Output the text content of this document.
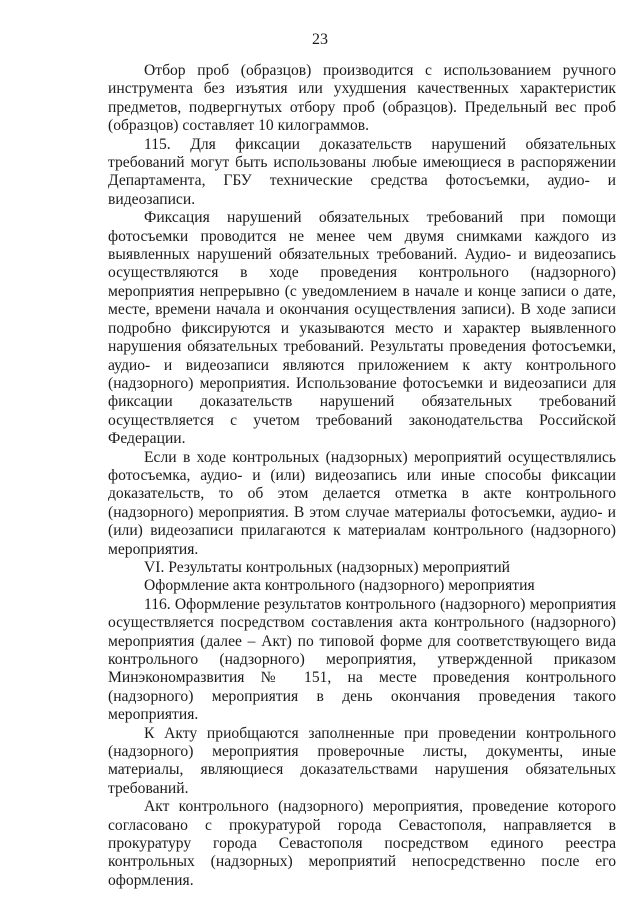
23

Отбор проб (образцов) производится с использованием ручного инструмента без изъятия или ухудшения качественных характеристик предметов, подвергнутых отбору проб (образцов). Предельный вес проб (образцов) составляет 10 килограммов.

115. Для фиксации доказательств нарушений обязательных требований могут быть использованы любые имеющиеся в распоряжении Департамента, ГБУ технические средства фотосъемки, аудио- и видеозаписи.

Фиксация нарушений обязательных требований при помощи фотосъемки проводится не менее чем двумя снимками каждого из выявленных нарушений обязательных требований. Аудио- и видеозапись осуществляются в ходе проведения контрольного (надзорного) мероприятия непрерывно (с уведомлением в начале и конце записи о дате, месте, времени начала и окончания осуществления записи). В ходе записи подробно фиксируются и указываются место и характер выявленного нарушения обязательных требований. Результаты проведения фотосъемки, аудио- и видеозаписи являются приложением к акту контрольного (надзорного) мероприятия. Использование фотосъемки и видеозаписи для фиксации доказательств нарушений обязательных требований осуществляется с учетом требований законодательства Российской Федерации.

Если в ходе контрольных (надзорных) мероприятий осуществлялись фотосъемка, аудио- и (или) видеозапись или иные способы фиксации доказательств, то об этом делается отметка в акте контрольного (надзорного) мероприятия. В этом случае материалы фотосъемки, аудио- и (или) видеозаписи прилагаются к материалам контрольного (надзорного) мероприятия.

VI. Результаты контрольных (надзорных) мероприятий

Оформление акта контрольного (надзорного) мероприятия

116. Оформление результатов контрольного (надзорного) мероприятия осуществляется посредством составления акта контрольного (надзорного) мероприятия (далее – Акт) по типовой форме для соответствующего вида контрольного (надзорного) мероприятия, утвержденной приказом Минэкономразвития № 151, на месте проведения контрольного (надзорного) мероприятия в день окончания проведения такого мероприятия.

К Акту приобщаются заполненные при проведении контрольного (надзорного) мероприятия проверочные листы, документы, иные материалы, являющиеся доказательствами нарушения обязательных требований.

Акт контрольного (надзорного) мероприятия, проведение которого согласовано с прокуратурой города Севастополя, направляется в прокуратуру города Севастополя посредством единого реестра контрольных (надзорных) мероприятий непосредственно после его оформления.
